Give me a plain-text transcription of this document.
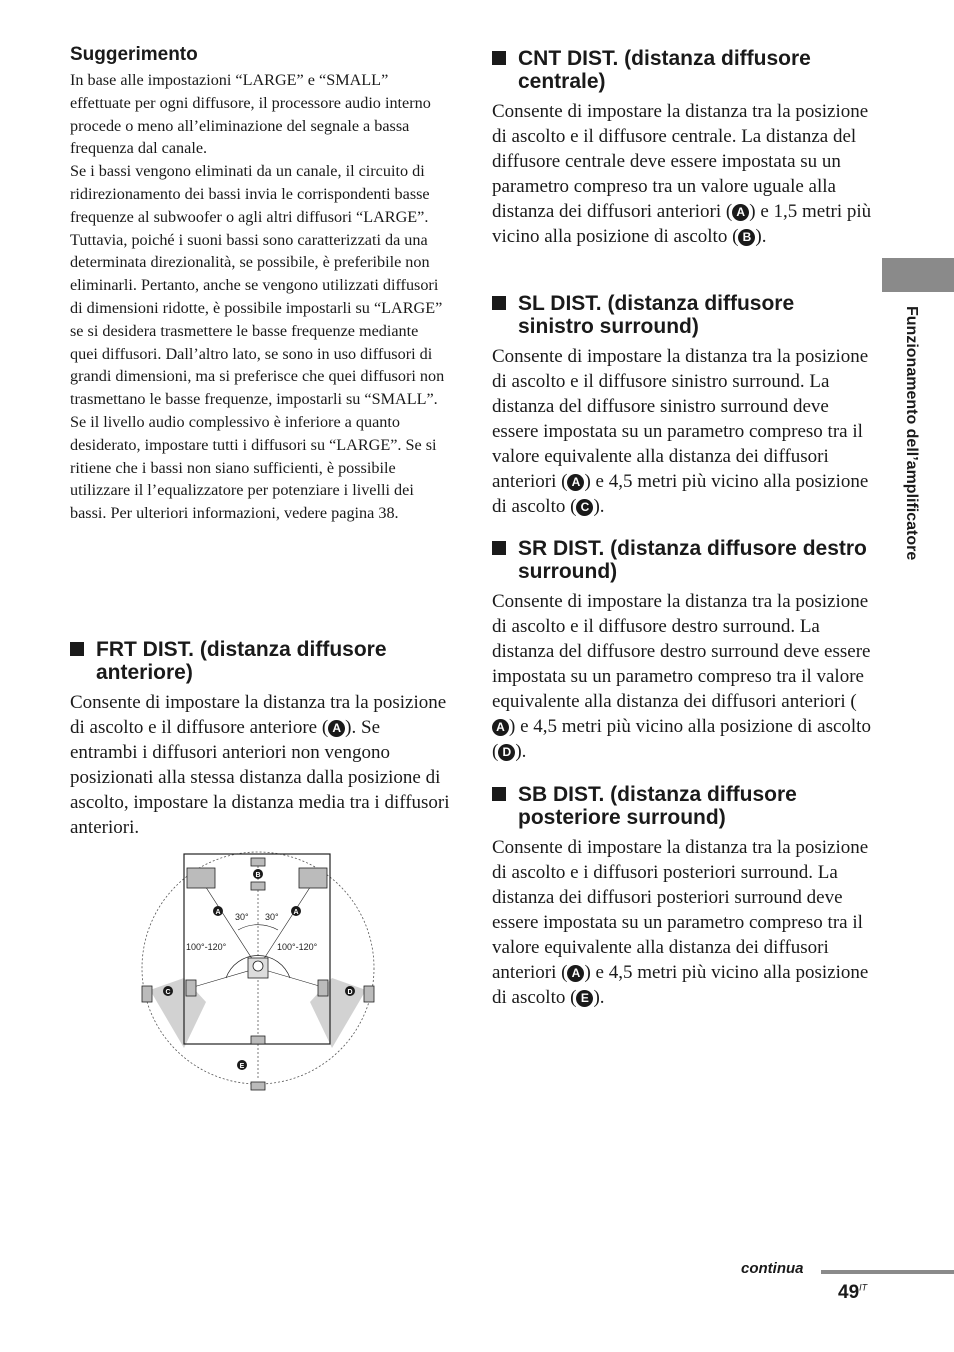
Suggerimento

In base alle impostazioni “LARGE” e “SMALL” effettuate per ogni diffusore, il processore audio interno procede o meno all’eliminazione del segnale a bassa frequenza dal canale.

Se i bassi vengono eliminati da un canale, il circuito di ridirezionamento dei bassi invia le corrispondenti basse frequenze al subwoofer o agli altri diffusori “LARGE”.

Tuttavia, poiché i suoni bassi sono caratterizzati da una determinata direzionalità, se possibile, è preferibile non eliminarli. Pertanto, anche se vengono utilizzati diffusori di dimensioni ridotte, è possibile impostarli su “LARGE” se si desidera trasmettere le basse frequenze mediante quei diffusori. Dall’altro lato, se sono in uso diffusori di grandi dimensioni, ma si preferisce che quei diffusori non trasmettano le basse frequenze, impostarli su “SMALL”.

Se il livello audio complessivo è inferiore a quanto desiderato, impostare tutti i diffusori su “LARGE”. Se si ritiene che i bassi non siano sufficienti, è possibile utilizzare il l’equalizzatore per potenziare i livelli dei bassi. Per ulteriori informazioni, vedere pagina 38.

FRT DIST. (distanza diffusore anteriore)

Consente di impostare la distanza tra la posizione di ascolto e il diffusore anteriore ( A ). Se entrambi i diffusori anteriori non vengono posizionati alla stessa distanza dalla posizione di ascolto, impostare la distanza media tra i diffusori anteriori.

30° 30°
100°-120°	100°-120°
A	A
B
C	D
E
CNT DIST. (distanza diffusore centrale)

Consente di impostare la distanza tra la posizione di ascolto e il diffusore centrale. La distanza del diffusore centrale deve essere impostata su un parametro compreso tra un valore uguale alla distanza dei diffusori anteriori ( A ) e 1,5 metri più vicino alla posizione di ascolto ( B ).

SL DIST. (distanza diffusore sinistro surround)

Consente di impostare la distanza tra la posizione di ascolto e il diffusore sinistro surround. La distanza del diffusore sinistro surround deve essere impostata su un parametro compreso tra il valore equivalente alla distanza dei diffusori anteriori ( A ) e 4,5 metri più vicino alla posizione di ascolto ( C ).

SR DIST. (distanza diffusore destro surround)

Consente di impostare la distanza tra la posizione di ascolto e il diffusore destro surround. La distanza del diffusore destro surround deve essere impostata su un parametro compreso tra il valore equivalente alla distanza dei diffusori anteriori (A ) e 4,5 metri più vicino alla posizione di ascolto ( D ).

SB DIST. (distanza diffusore posteriore surround)

Consente di impostare la distanza tra la posizione di ascolto e i diffusori posteriori surround. La distanza dei diffusori posteriori surround deve essere impostata su un parametro compreso tra il valore equivalente alla distanza dei diffusori anteriori ( A ) e 4,5 metri più vicino alla posizione di ascolto ( E ).

Funzionamento dell’amplificatore
continua
$49^{IT}$
